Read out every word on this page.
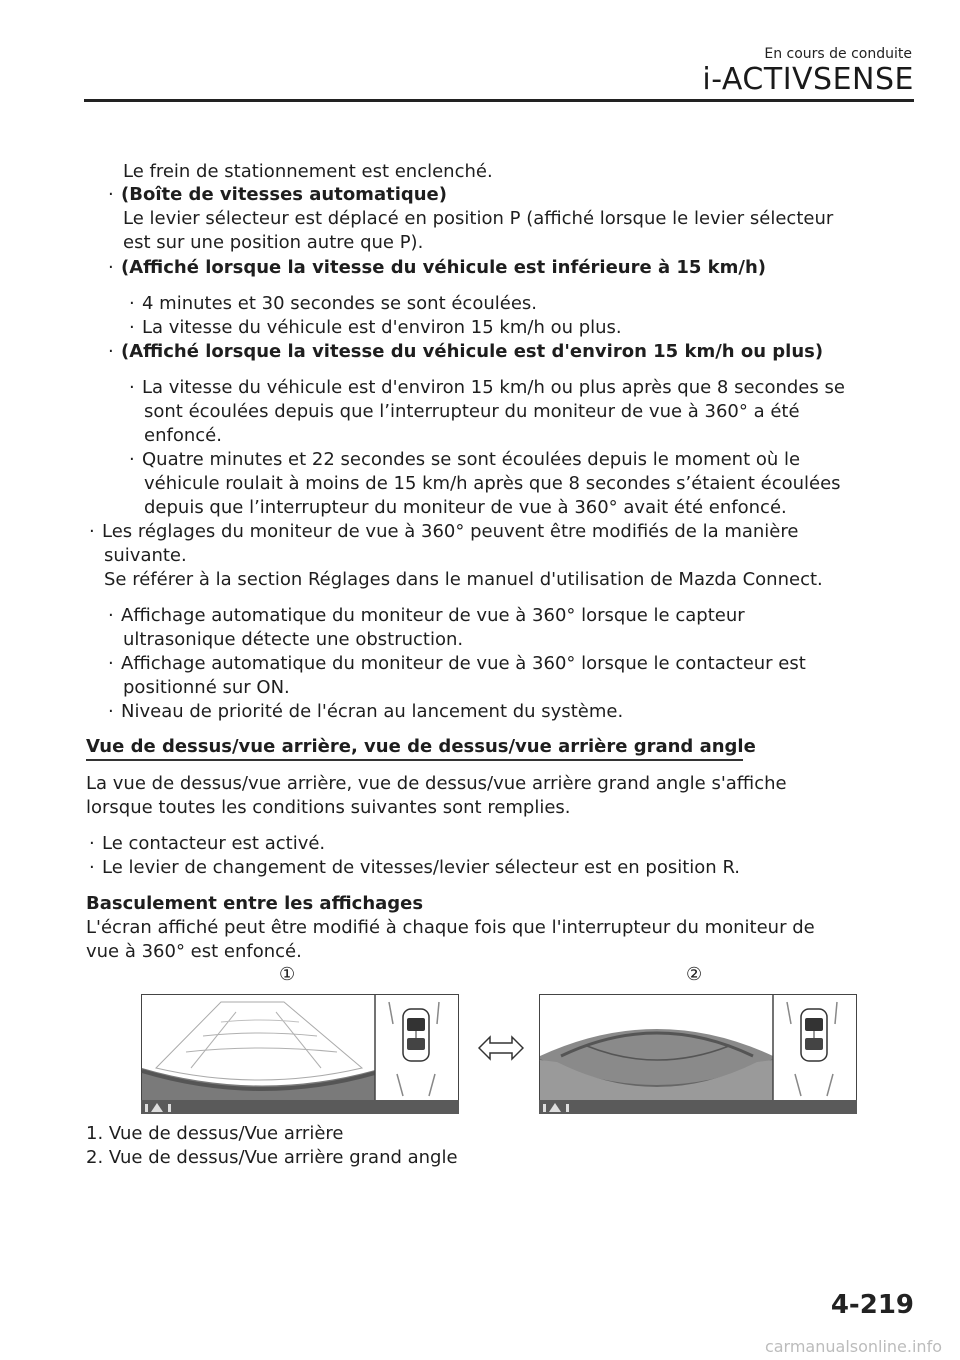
En cours de conduite
i-ACTIVSENSE
Le frein de stationnement est enclenché.
· (Boîte de vitesses automatique)
Le levier sélecteur est déplacé en position P (affiché lorsque le levier sélecteur
est sur une position autre que P).
· (Affiché lorsque la vitesse du véhicule est inférieure à 15 km/h)
· 4 minutes et 30 secondes se sont écoulées.
· La vitesse du véhicule est d'environ 15 km/h ou plus.
· (Affiché lorsque la vitesse du véhicule est d'environ 15 km/h ou plus)
· La vitesse du véhicule est d'environ 15 km/h ou plus après que 8 secondes se
sont écoulées depuis que l’interrupteur du moniteur de vue à 360° a été
enfoncé.
· Quatre minutes et 22 secondes se sont écoulées depuis le moment où le
véhicule roulait à moins de 15 km/h après que 8 secondes s’étaient écoulées
depuis que l’interrupteur du moniteur de vue à 360° avait été enfoncé.
· Les réglages du moniteur de vue à 360° peuvent être modifiés de la manière
suivante.
Se référer à la section Réglages dans le manuel d'utilisation de Mazda Connect.
· Affichage automatique du moniteur de vue à 360° lorsque le capteur
ultrasonique détecte une obstruction.
· Affichage automatique du moniteur de vue à 360° lorsque le contacteur est
positionné sur ON.
· Niveau de priorité de l'écran au lancement du système.
Vue de dessus/vue arrière, vue de dessus/vue arrière grand angle
La vue de dessus/vue arrière, vue de dessus/vue arrière grand angle s'affiche
lorsque toutes les conditions suivantes sont remplies.
· Le contacteur est activé.
· Le levier de changement de vitesses/levier sélecteur est en position R.
Basculement entre les affichages
L'écran affiché peut être modifié à chaque fois que l'interrupteur du moniteur de
vue à 360° est enfoncé.
①	②
1. Vue de dessus/Vue arrière
2. Vue de dessus/Vue arrière grand angle
4-219
carmanualsonline.info
